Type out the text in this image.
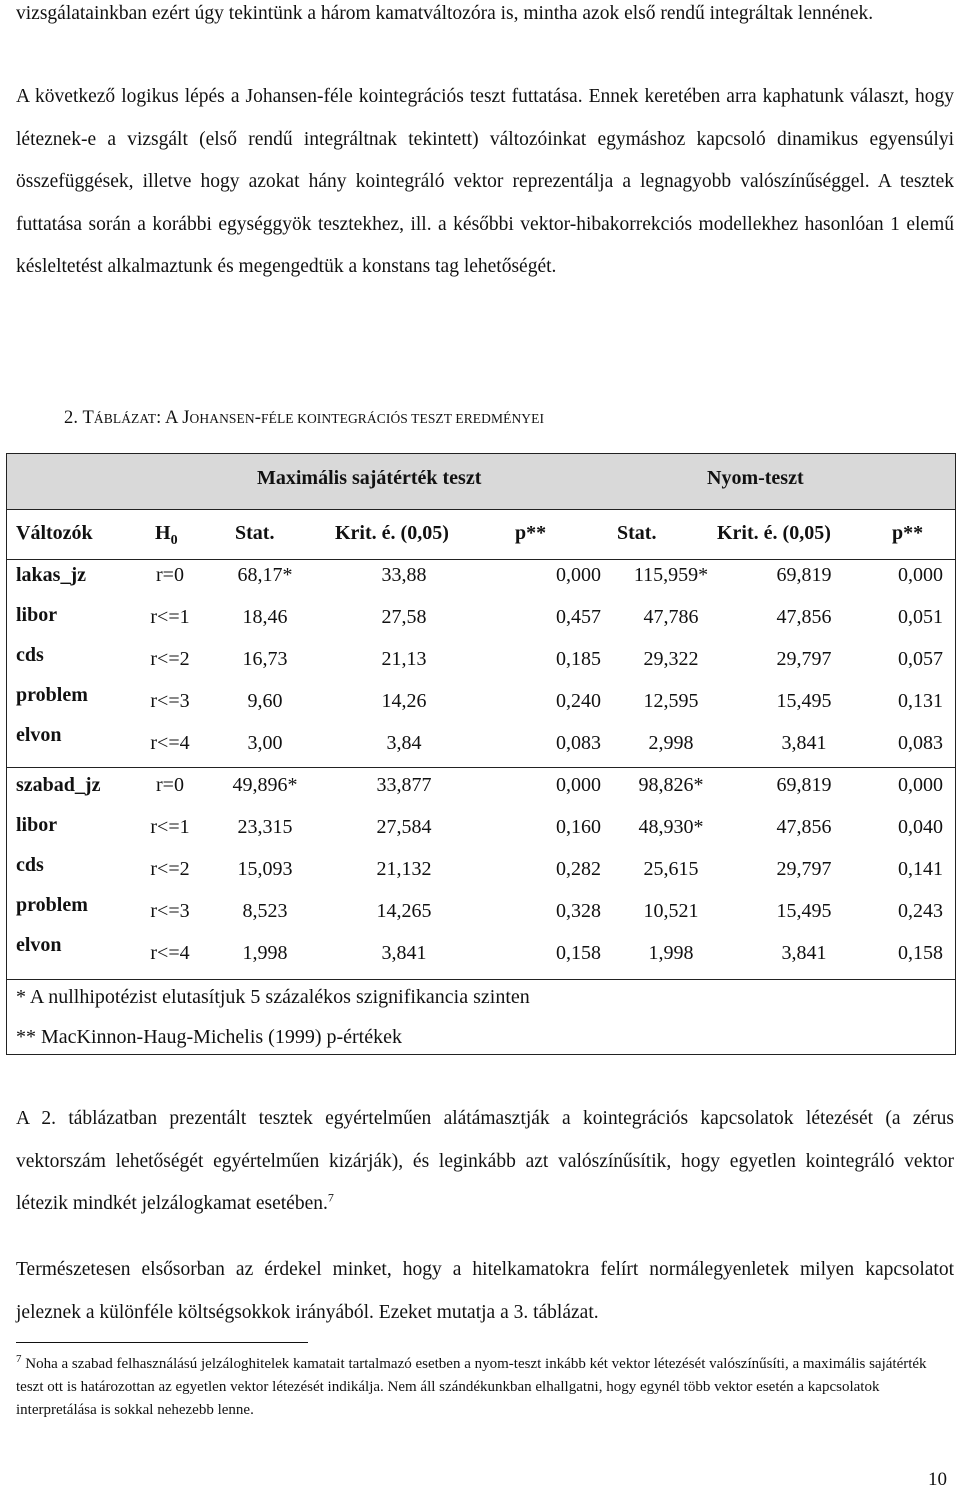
vizsgálatainkban ezért úgy tekintünk a három kamatváltozóra is, mintha azok első rendű integráltak lennének.

A következő logikus lépés a Johansen-féle kointegrációs teszt futtatása. Ennek keretében arra kaphatunk választ, hogy léteznek-e a vizsgált (első rendű integráltnak tekintett) változóinkat egymáshoz kapcsoló dinamikus egyensúlyi összefüggések, illetve hogy azokat hány kointegráló vektor reprezentálja a legnagyobb valószínűséggel. A tesztek futtatása során a korábbi egységgyök tesztekhez, ill. a későbbi vektor-hibakorrekciós modellekhez hasonlóan 1 elemű késleltetést alkalmaztunk és megengedtük a konstans tag lehetőségét.

2. TÁBLÁZAT: A JOHANSEN-FÉLE KOINTEGRÁCIÓS TESZT EREDMÉNYEI

Maximális sajátérték teszt	Nyom-teszt
Változók	$H_0$	Stat.	Krit. é. (0,05)	p**	Stat.	Krit. é. (0,05)	p**
lakas_jz	r=0	68,17*	33,88	0,000	115,959*	69,819	0,000
libor	r<=1	18,46	27,58	0,457	47,786	47,856	0,051
cds	r<=2	16,73	21,13	0,185	29,322	29,797	0,057
problem	r<=3	9,60	14,26	0,240	12,595	15,495	0,131
elvon	r<=4	3,00	3,84	0,083	2,998	3,841	0,083
szabad_jz	r=0	49,896*	33,877	0,000	98,826*	69,819	0,000
libor	r<=1	23,315	27,584	0,160	48,930*	47,856	0,040
cds	r<=2	15,093	21,132	0,282	25,615	29,797	0,141
problem	r<=3	8,523	14,265	0,328	10,521	15,495	0,243
elvon	r<=4	1,998	3,841	0,158	1,998	3,841	0,158
* A nullhipotézist elutasítjuk 5 százalékos szignifikancia szinten
** MacKinnon-Haug-Michelis (1999) p-értékek

A 2. táblázatban prezentált tesztek egyértelműen alátámasztják a kointegrációs kapcsolatok létezését (a zérus vektorszám lehetőségét egyértelműen kizárják), és leginkább azt valószínűsítik, hogy egyetlen kointegráló vektor létezik mindkét jelzálogkamat esetében.$^7$

Természetesen elsősorban az érdekel minket, hogy a hitelkamatokra felírt normálegyenletek milyen kapcsolatot jeleznek a különféle költségsokkok irányából. Ezeket mutatja a 3. táblázat.

$^7$ Noha a szabad felhasználású jelzáloghitelek kamatait tartalmazó esetben a nyom-teszt inkább két vektor létezését valószínűsíti, a maximális sajátérték teszt ott is határozottan az egyetlen vektor létezését indikálja. Nem áll szándékunkban elhallgatni, hogy egynél több vektor esetén a kapcsolatok interpretálása is sokkal nehezebb lenne.

10
